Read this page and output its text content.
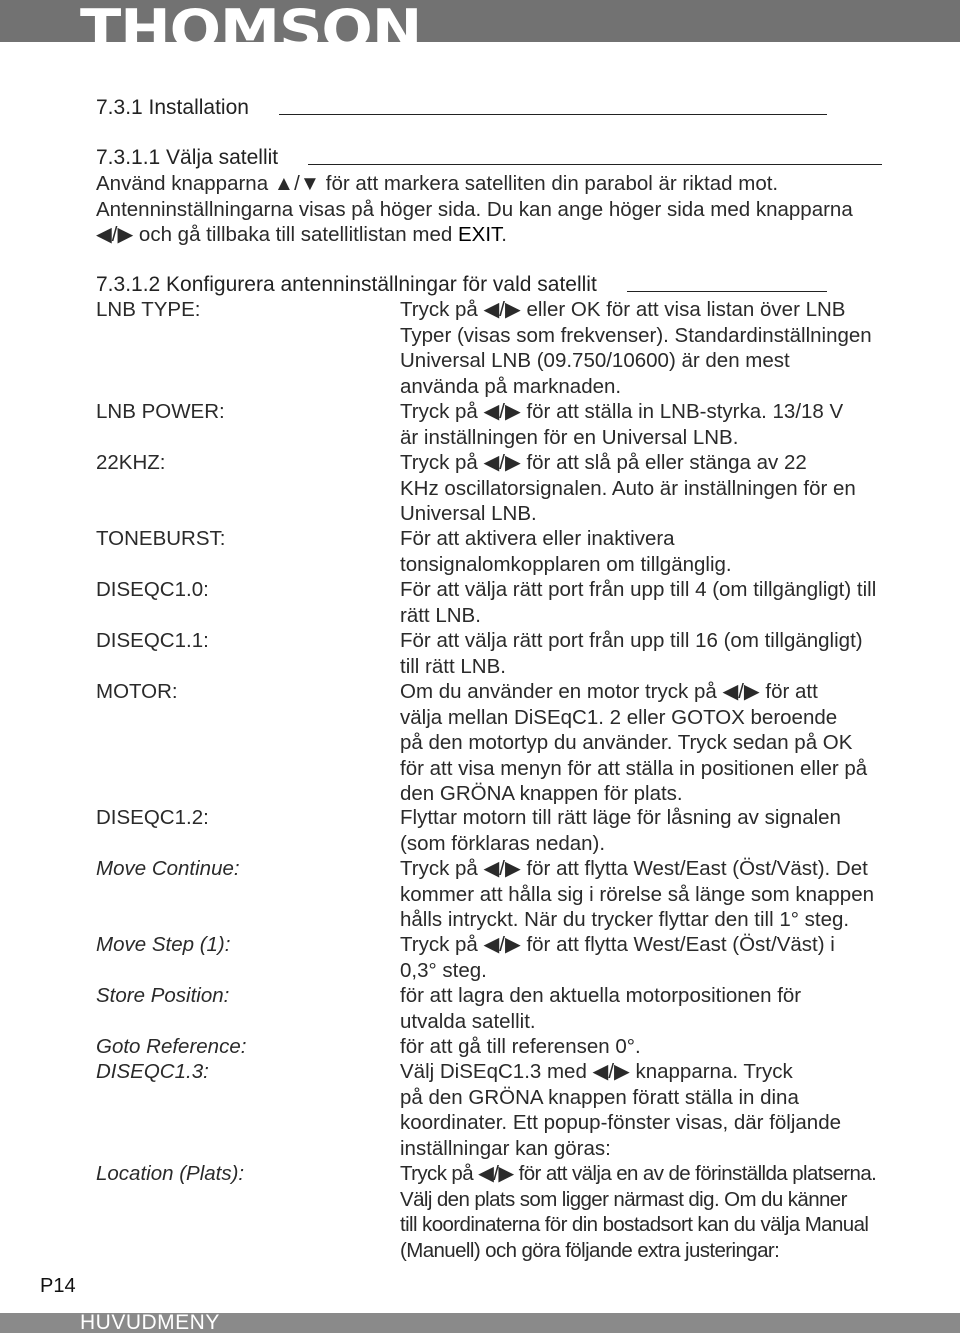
THOMSON
7.3.1 Installation
7.3.1.1 Välja satellit
Använd knapparna ▲/▼ för att markera satelliten din parabol är riktad mot.
Antenninställningarna visas på höger sida. Du kan ange höger sida med knapparna
◀/▶ och gå tillbaka till satellitlistan med EXIT.
7.3.1.2 Konfigurera antenninställningar för vald satellit
LNB TYPE:	Tryck på ◀/▶ eller OK för att visa listan över LNB
Typer (visas som frekvenser). Standardinställningen
Universal LNB (09.750/10600) är den mest
använda på marknaden.
LNB POWER:	Tryck på ◀/▶ för att ställa in LNB-styrka. 13/18 V
är inställningen för en Universal LNB.
22KHZ:	Tryck på ◀/▶ för att slå på eller stänga av 22
KHz oscillatorsignalen. Auto är inställningen för en
Universal LNB.
TONEBURST:	För att aktivera eller inaktivera
tonsignalomkopplaren om tillgänglig.
DISEQC1.0:	För att välja rätt port från upp till 4 (om tillgängligt) till
rätt LNB.
DISEQC1.1:	För att välja rätt port från upp till 16 (om tillgängligt)
till rätt LNB.
MOTOR:	Om du använder en motor tryck på ◀/▶ för att
välja mellan DiSEqC1. 2 eller GOTOX beroende
på den motortyp du använder. Tryck sedan på OK
för att visa menyn för att ställa in positionen eller på
den GRÖNA knappen för plats.
DISEQC1.2:	Flyttar motorn till rätt läge för låsning av signalen
(som förklaras nedan).
Move Continue:	Tryck på ◀/▶ för att flytta West/East (Öst/Väst). Det
kommer att hålla sig i rörelse så länge som knappen
hålls intryckt. När du trycker flyttar den till 1° steg.
Move Step (1):	Tryck på ◀/▶ för att flytta West/East (Öst/Väst) i
0,3° steg.
Store Position:	för att lagra den aktuella motorpositionen för
utvalda satellit.
Goto Reference:	för att gå till referensen 0°.
DISEQC1.3:	Välj DiSEqC1.3 med ◀/▶ knapparna. Tryck
på den GRÖNA knappen föratt ställa in dina
koordinater. Ett popup-fönster visas, där följande
inställningar kan göras:
Location (Plats):	Tryck på ◀/▶ för att välja en av de förinställda platserna.
Välj den plats som ligger närmast dig. Om du känner
till koordinaterna för din bostadsort kan du välja Manual
(Manuell) och göra följande extra justeringar:
P14
HUVUDMENY
